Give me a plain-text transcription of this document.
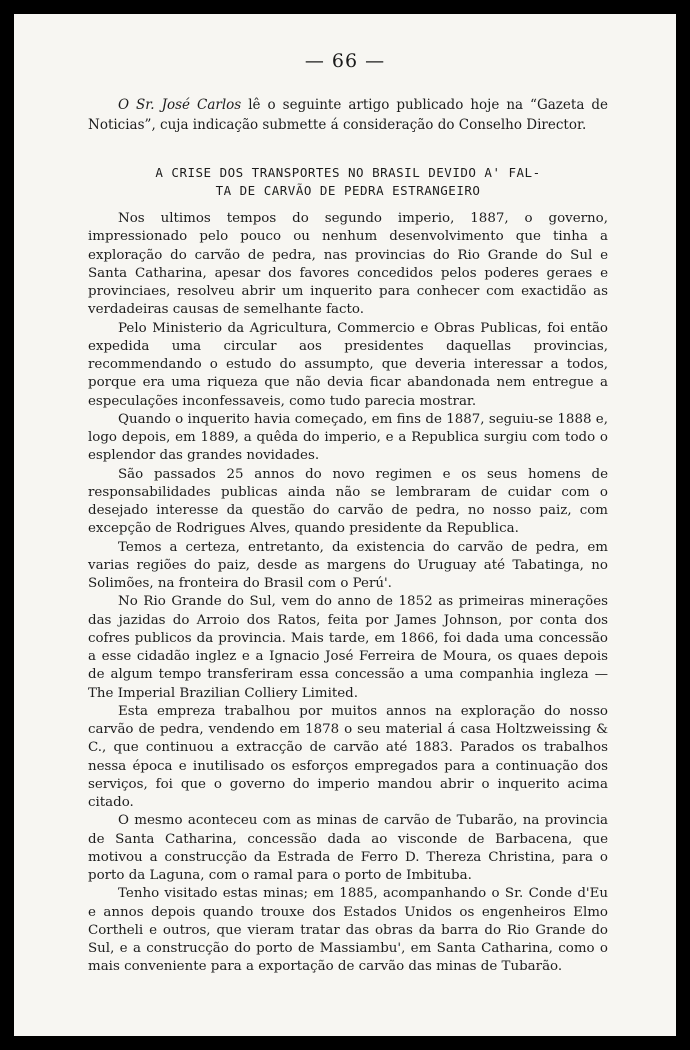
— 66 —

O Sr. José Carlos lê o seguinte artigo publicado hoje na “Gazeta de Noticias”, cuja indicação submette á consideração do Conselho Director.

A CRISE DOS TRANSPORTES NO BRASIL DEVIDO A' FAL-
TA DE CARVÃO DE PEDRA ESTRANGEIRO

Nos ultimos tempos do segundo imperio, 1887, o governo, impressionado pelo pouco ou nenhum desenvolvimento que tinha a exploração do carvão de pedra, nas provincias do Rio Grande do Sul e Santa Catharina, apesar dos favores concedidos pelos poderes geraes e provinciaes, resolveu abrir um inquerito para conhecer com exactidão as verdadeiras causas de semelhante facto.

Pelo Ministerio da Agricultura, Commercio e Obras Publicas, foi então expedida uma circular aos presidentes daquellas provincias, recommendando o estudo do assumpto, que deveria interessar a todos, porque era uma riqueza que não devia ficar abandonada nem entregue a especulações inconfessaveis, como tudo parecia mostrar.

Quando o inquerito havia começado, em fins de 1887, seguiu-se 1888 e, logo depois, em 1889, a quêda do imperio, e a Republica surgiu com todo o esplendor das grandes novidades.

São passados 25 annos do novo regimen e os seus homens de responsabilidades publicas ainda não se lembraram de cuidar com o desejado interesse da questão do carvão de pedra, no nosso paiz, com excepção de Rodrigues Alves, quando presidente da Republica.

Temos a certeza, entretanto, da existencia do carvão de pedra, em varias regiões do paiz, desde as margens do Uruguay até Tabatinga, no Solimões, na fronteira do Brasil com o Perú'.

No Rio Grande do Sul, vem do anno de 1852 as primeiras minerações das jazidas do Arroio dos Ratos, feita por James Johnson, por conta dos cofres publicos da provincia. Mais tarde, em 1866, foi dada uma concessão a esse cidadão inglez e a Ignacio José Ferreira de Moura, os quaes depois de algum tempo transferiram essa concessão a uma companhia ingleza — The Imperial Brazilian Colliery Limited.

Esta empreza trabalhou por muitos annos na exploração do nosso carvão de pedra, vendendo em 1878 o seu material á casa Holtzweissing & C., que continuou a extracção de carvão até 1883. Parados os trabalhos nessa época e inutilisado os esforços empregados para a continuação dos serviços, foi que o governo do imperio mandou abrir o inquerito acima citado.

O mesmo aconteceu com as minas de carvão de Tubarão, na provincia de Santa Catharina, concessão dada ao visconde de Barbacena, que motivou a construcção da Estrada de Ferro D. Thereza Christina, para o porto da Laguna, com o ramal para o porto de Imbituba.

Tenho visitado estas minas; em 1885, acompanhando o Sr. Conde d'Eu e annos depois quando trouxe dos Estados Unidos os engenheiros Elmo Cortheli e outros, que vieram tratar das obras da barra do Rio Grande do Sul, e a construcção do porto de Massiambu', em Santa Catharina, como o mais conveniente para a exportação de carvão das minas de Tubarão.
